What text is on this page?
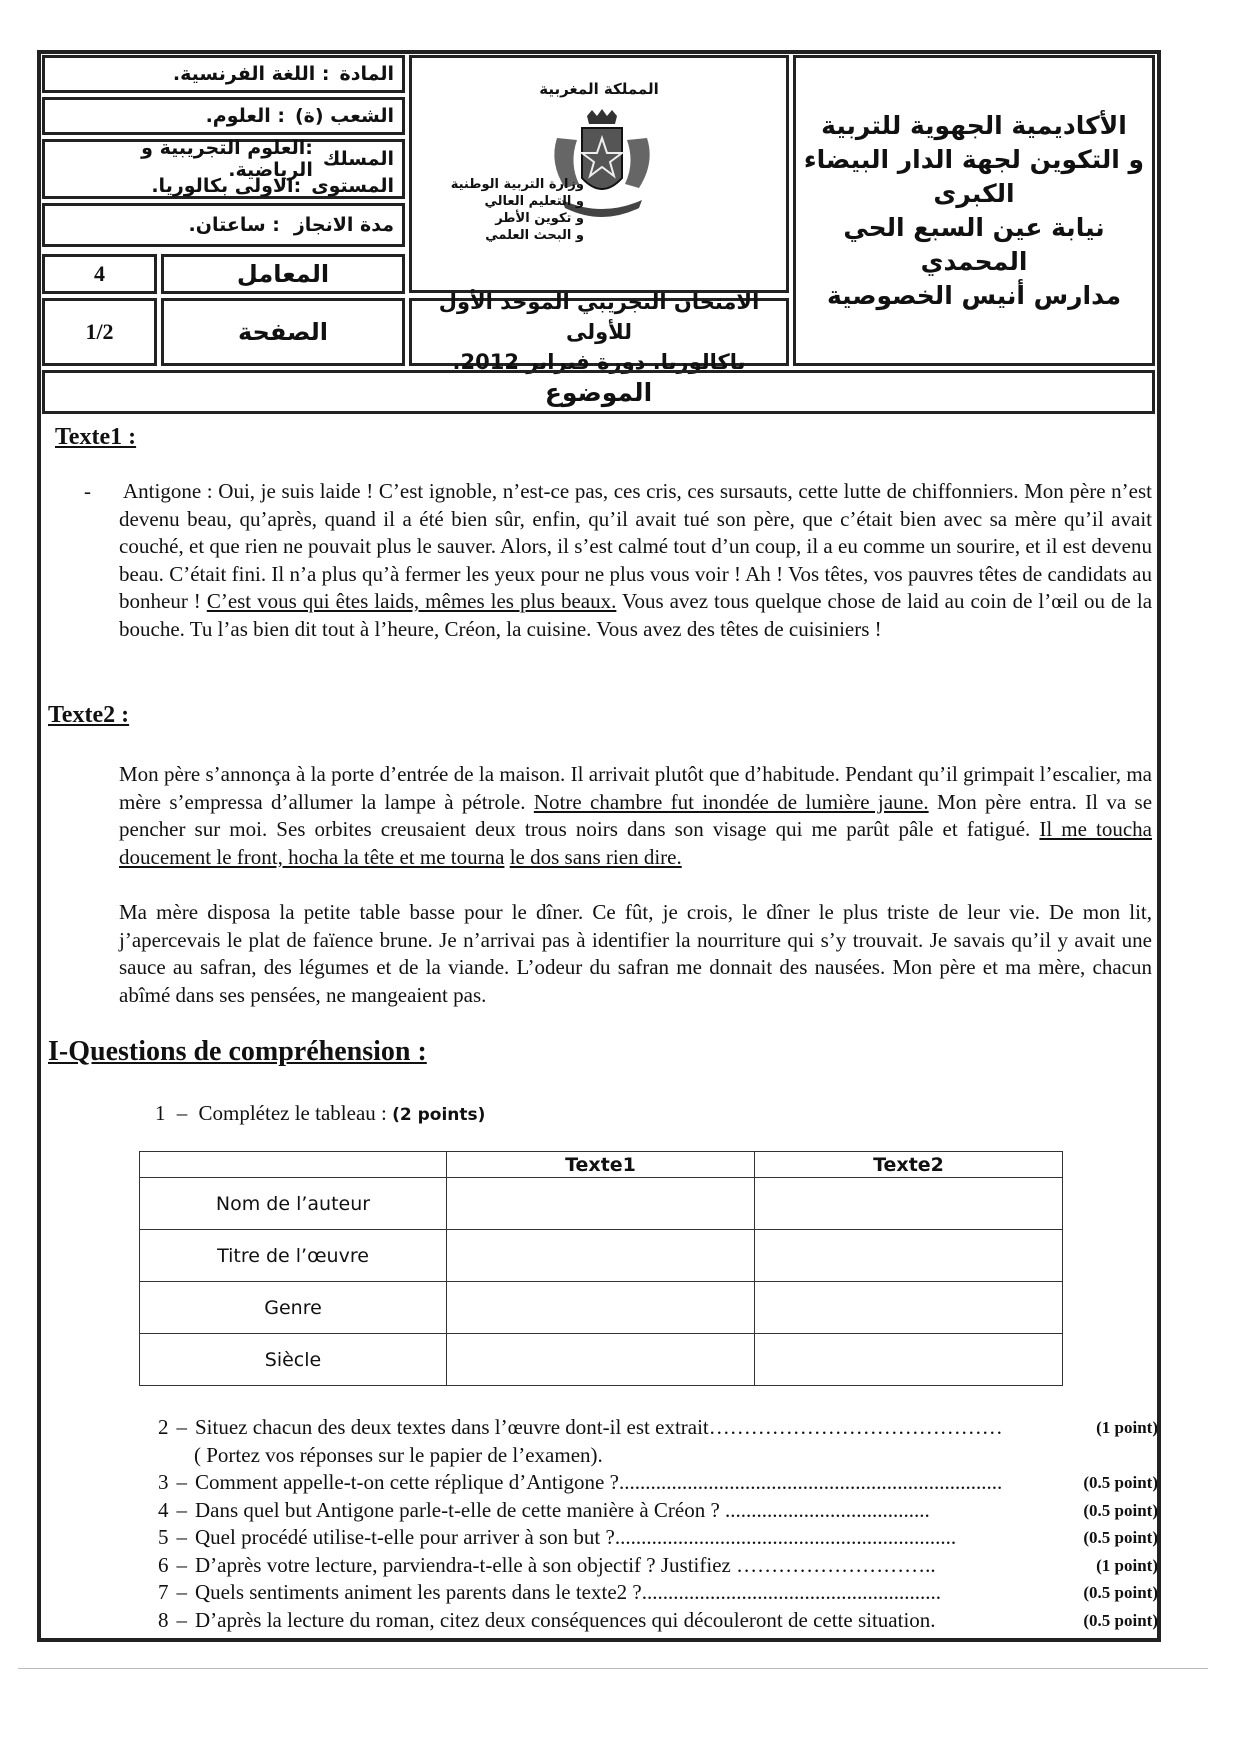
المادة
: اللغة الفرنسية.
الشعب (ة)
: العلوم.
المسلك
:العلوم التجريبية و الرياضية.
المستوى
:الاولى بكالوريا.
مدة الانجاز
: ساعتان.
4	المعامل
1/2	الصفحة
المملكة المغربية
وزارة التربية الوطنية
و التعليم العالي
و تكوين الأطر
و البحث العلمي
الامتحان التجريبي الموحد الأول للأولى
باكالوريا. دورة فبراير 2012.
الأكاديمية الجهوية للتربية
و التكوين لجهة الدار البيضاء الكبرى
نيابة عين السبع الحي المحمدي
مدارس أنيس الخصوصية
الموضوع
Texte1 :
- Antigone : Oui, je suis laide ! C’est ignoble, n’est-ce pas, ces cris, ces sursauts, cette lutte de chiffonniers. Mon père n’est devenu beau, qu’après, quand il a été bien sûr, enfin, qu’il avait tué son père, que c’était bien avec sa mère qu’il avait couché, et que rien ne pouvait plus le sauver. Alors, il s’est calmé tout d’un coup, il a eu comme un sourire, et il est devenu beau. C’était fini. Il n’a plus qu’à fermer les yeux pour ne plus vous voir ! Ah ! Vos têtes, vos pauvres têtes de candidats au bonheur ! C’est vous qui êtes laids, mêmes les plus beaux. Vous avez tous quelque chose de laid au coin de l’œil ou de la bouche. Tu l’as bien dit tout à l’heure, Créon, la cuisine. Vous avez des têtes de cuisiniers !
Texte2 :
Mon père s’annonça à la porte d’entrée de la maison. Il arrivait plutôt que d’habitude. Pendant qu’il grimpait l’escalier, ma mère s’empressa d’allumer la lampe à pétrole. Notre chambre fut inondée de lumière jaune. Mon père entra. Il va se pencher sur moi. Ses orbites creusaient deux trous noirs dans son visage qui me parût pâle et fatigué. Il me toucha doucement le front, hocha la tête et me tourna le dos sans rien dire.
Ma mère disposa la petite table basse pour le dîner. Ce fût, je crois, le dîner le plus triste de leur vie. De mon lit, j’apercevais le plat de faïence brune. Je n’arrivai pas à identifier la nourriture qui s’y trouvait. Je savais qu’il y avait une sauce au safran, des légumes et de la viande. L’odeur du safran me donnait des nausées. Mon père et ma mère, chacun abîmé dans ses pensées, ne mangeaient pas.
I-Questions de compréhension :
1 – Complétez le tableau : (2 points)
	Texte1	Texte2
Nom de l’auteur		
Titre de l’œuvre		
Genre		
Siècle		
2 – Situez chacun des deux textes dans l’œuvre dont-il est extrait……………………………………	(1 point)
( Portez vos réponses sur le papier de l’examen).
3 – Comment appelle-t-on cette réplique d’Antigone ?.........................................................................	(0.5 point)
4 – Dans quel but Antigone parle-t-elle de cette manière à Créon ? .......................................	(0.5 point)
5 – Quel procédé utilise-t-elle pour arriver à son but ?.................................................................	(0.5 point)
6 – D’après votre lecture, parviendra-t-elle à son objectif ? Justifiez ………………………..	(1 point)
7 – Quels sentiments animent les parents dans le texte2 ?.........................................................	(0.5 point)
8 – D’après la lecture du roman, citez deux conséquences qui découleront de cette situation.	(0.5 point)
